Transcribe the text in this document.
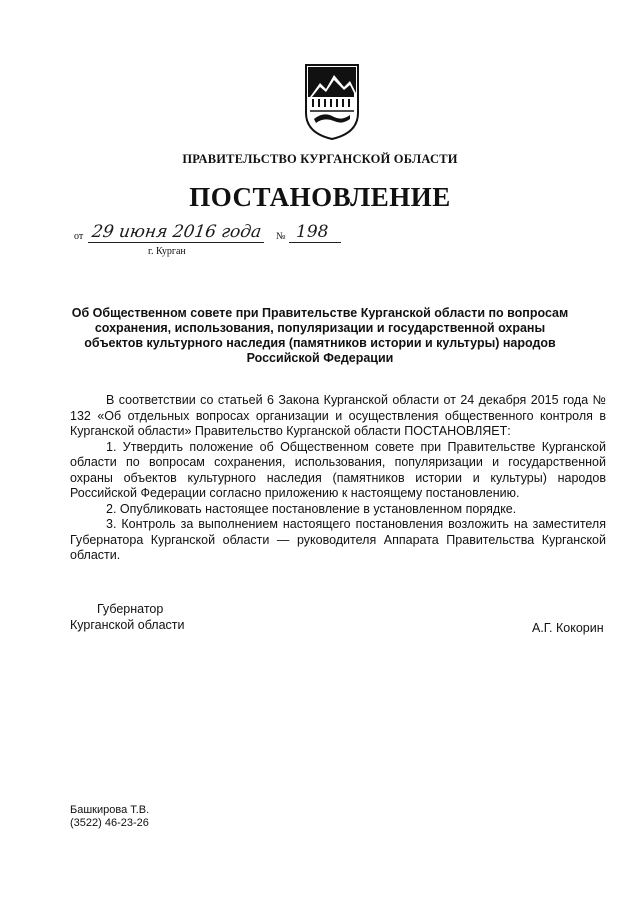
ПРАВИТЕЛЬСТВО КУРГАНСКОЙ ОБЛАСТИ
ПОСТАНОВЛЕНИЕ
от 29 июня 2016 года № 198
г. Курган
Об Общественном совете при Правительстве Курганской области по вопросам сохранения, использования, популяризации и государственной охраны объектов культурного наследия (памятников истории и культуры) народов Российской Федерации

В соответствии со статьей 6 Закона Курганской области от 24 декабря 2015 года № 132 «Об отдельных вопросах организации и осуществления общественного контроля в Курганской области» Правительство Курганской области ПОСТАНОВЛЯЕТ:

1. Утвердить положение об Общественном совете при Правительстве Курганской области по вопросам сохранения, использования, популяризации и государственной охраны объектов культурного наследия (памятников истории и культуры) народов Российской Федерации согласно приложению к настоящему постановлению.

2. Опубликовать настоящее постановление в установленном порядке.

3. Контроль за выполнением настоящего постановления возложить на заместителя Губернатора Курганской области — руководителя Аппарата Правительства Курганской области.

Губернатор
Курганской области	А.Г. Кокорин
Башкирова Т.В.
(3522) 46-23-26
